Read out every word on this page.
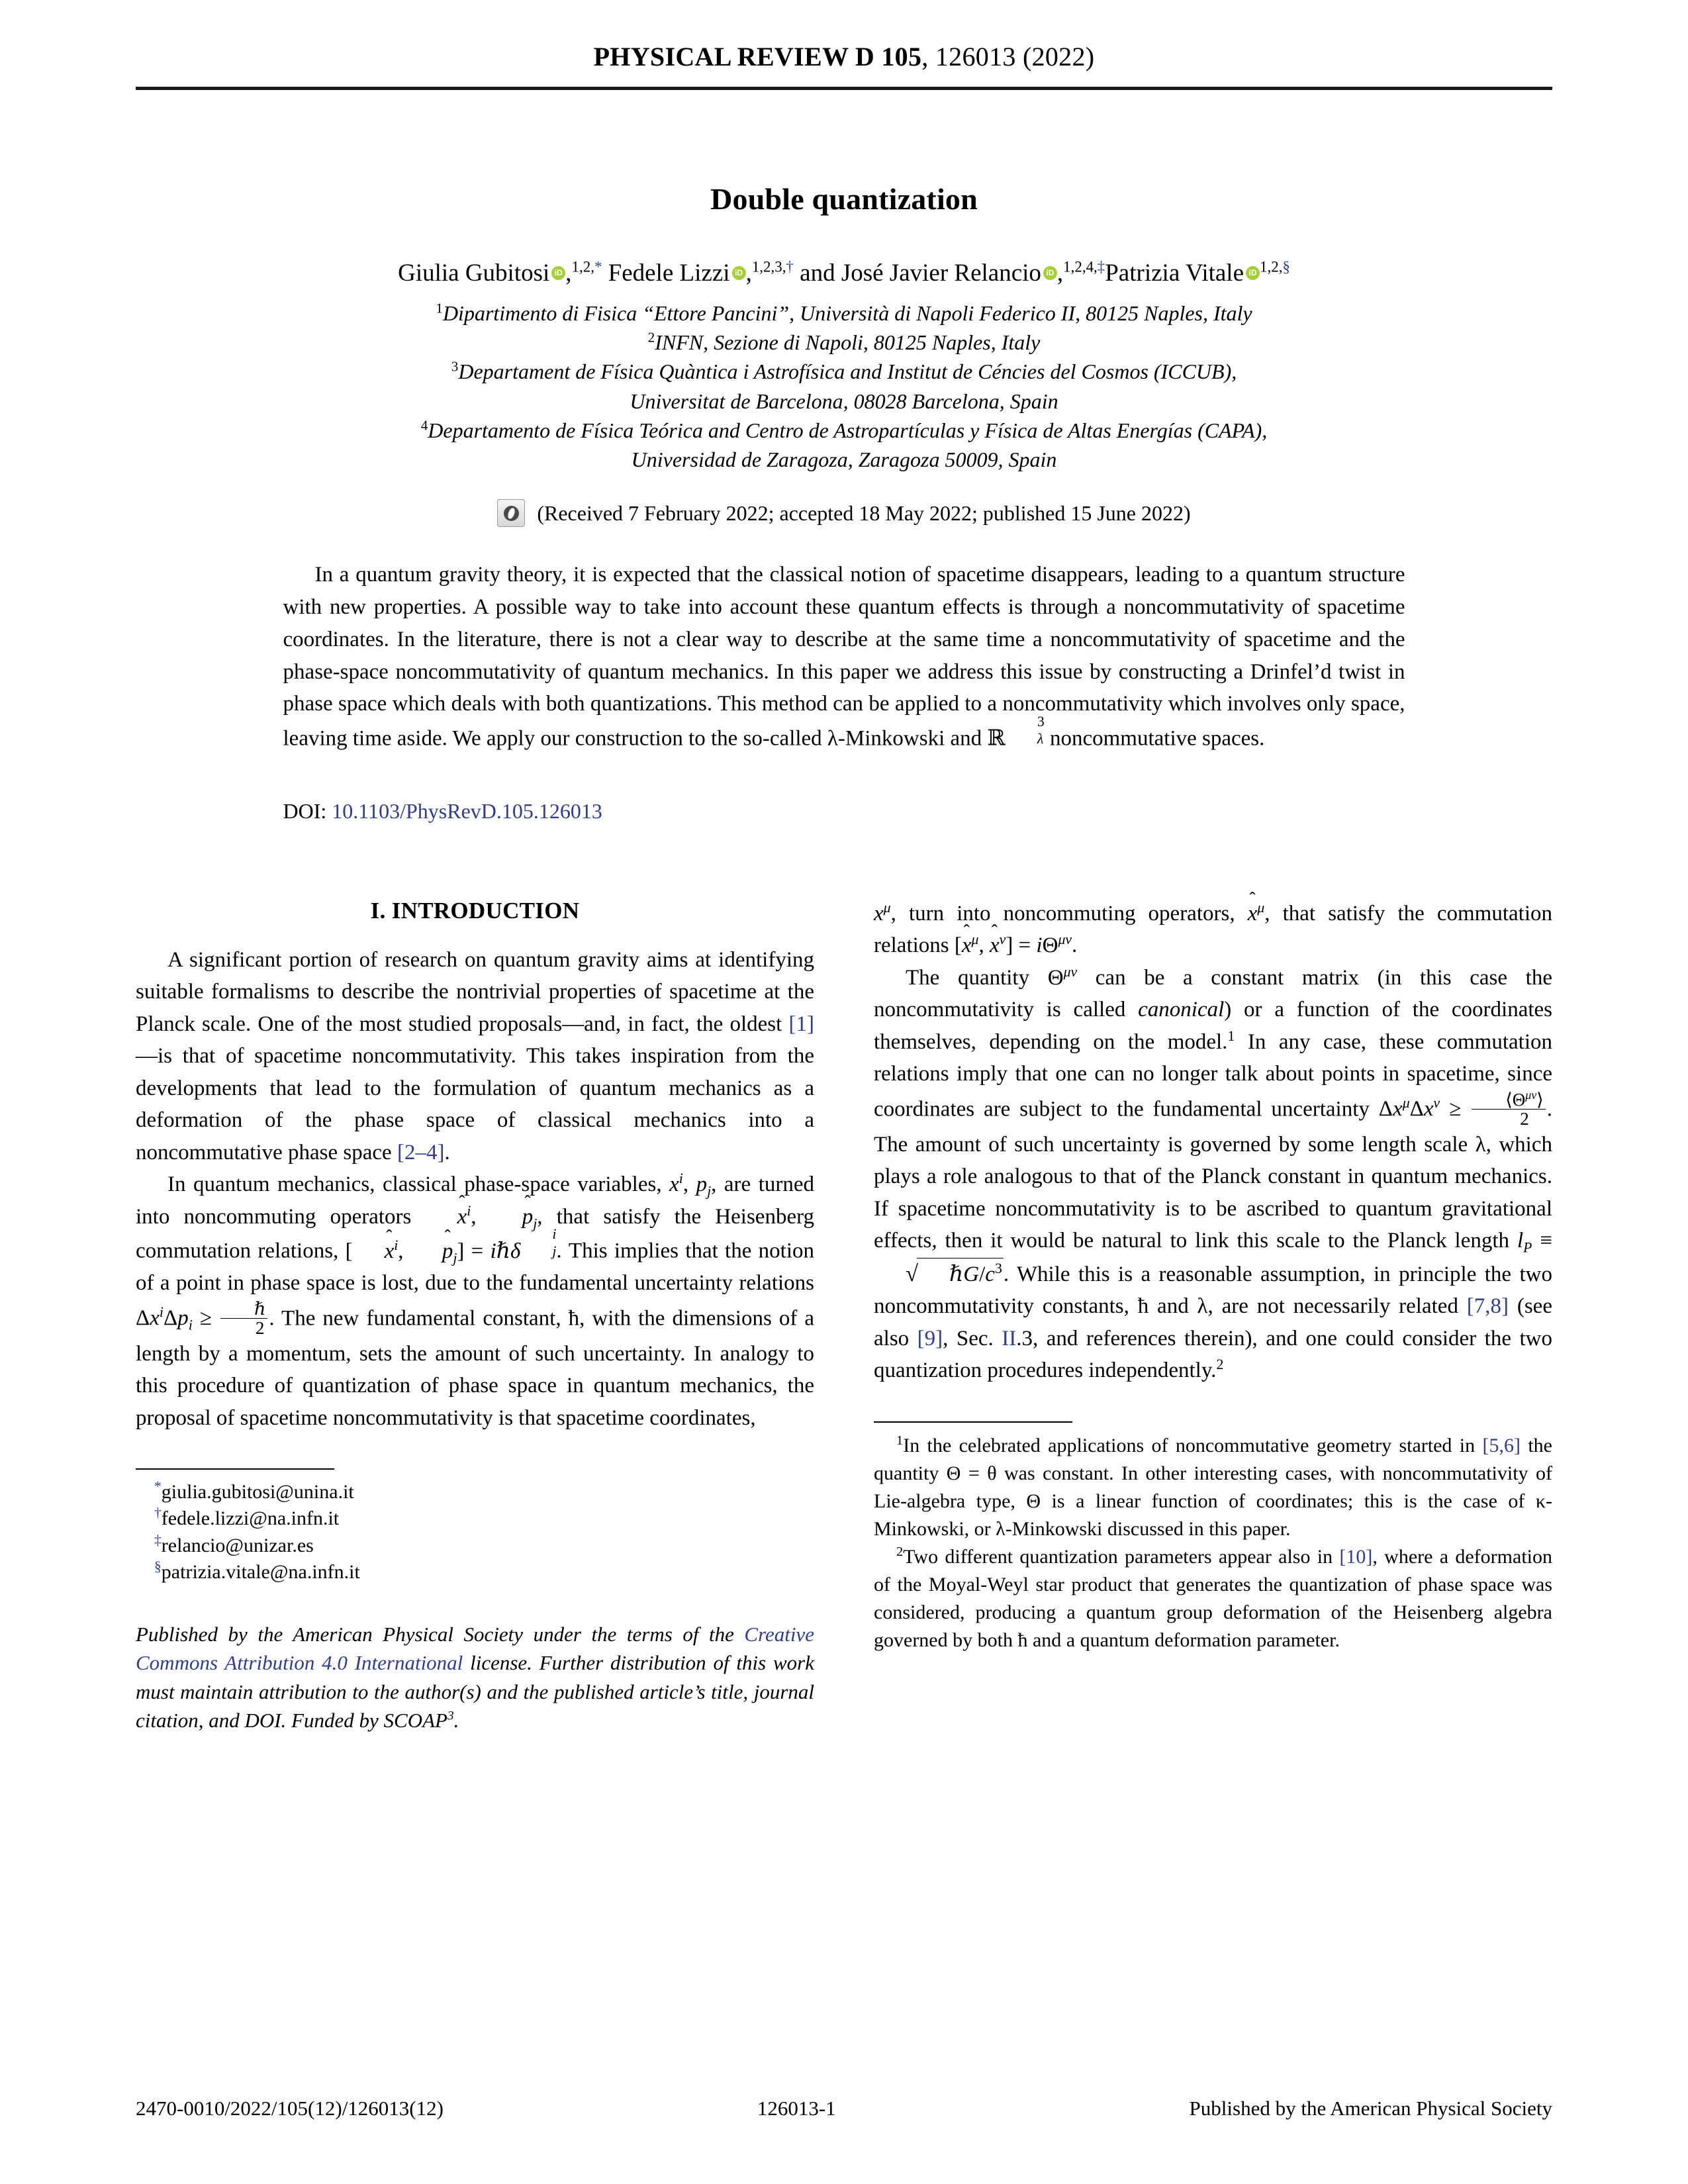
PHYSICAL REVIEW D 105, 126013 (2022)
Double quantization
Giulia Gubitosi iD ,$^{1,2,*}$ Fedele Lizzi iD ,$^{1,2,3,\dagger}$ and José Javier Relancio iD ,$^{1,2,4,\ddagger}$Patrizia Vitale iD $^{1,2,\S}$
$^1$Dipartimento di Fisica “Ettore Pancini”, Università di Napoli Federico II, 80125 Naples, Italy
$^2$INFN, Sezione di Napoli, 80125 Naples, Italy
$^3$Departament de Física Quàntica i Astrofísica and Institut de Céncies del Cosmos (ICCUB),
Universitat de Barcelona, 08028 Barcelona, Spain
$^4$Departamento de Física Teórica and Centro de Astropartículas y Física de Altas Energías (CAPA),
Universidad de Zaragoza, Zaragoza 50009, Spain
(Received 7 February 2022; accepted 18 May 2022; published 15 June 2022)
In a quantum gravity theory, it is expected that the classical notion of spacetime disappears, leading to a quantum structure with new properties. A possible way to take into account these quantum effects is through a noncommutativity of spacetime coordinates. In the literature, there is not a clear way to describe at the same time a noncommutativity of spacetime and the phase-space noncommutativity of quantum mechanics. In this paper we address this issue by constructing a Drinfel’d twist in phase space which deals with both quantizations. This method can be applied to a noncommutativity which involves only space, leaving time aside. We apply our construction to the so-called λ-Minkowski and ℝ
3
λ noncommutative spaces.
DOI: 10.1103/PhysRevD.105.126013
I. INTRODUCTION

A significant portion of research on quantum gravity aims at identifying suitable formalisms to describe the nontrivial properties of spacetime at the Planck scale. One of the most studied proposals—and, in fact, the oldest [1]—is that of spacetime noncommutativity. This takes inspiration from the developments that lead to the formulation of quantum mechanics as a deformation of the phase space of classical mechanics into a noncommutative phase space [2–4].

In quantum mechanics, classical phase-space variables, $x^i$, $p_j$, are turned into noncommuting operators x
$^i$, p
$_j$, that satisfy the Heisenberg commutation relations, [ x
$^i$, p
$_j$] = iℏδ
i
j . This implies that the notion of a point in phase space is lost, due to the fundamental uncertainty relations $\Delta x^i\Delta p_i \ge \frac{\text{ℏ}}{2}$ . The new fundamental constant, ħ, with the dimensions of a length by a momentum, sets the amount of such uncertainty. In analogy to this procedure of quantization of phase space in quantum mechanics, the proposal of spacetime noncommutativity is that spacetime coordinates,

*giulia.gubitosi@unina.it
†fedele.lizzi@na.infn.it
‡relancio@unizar.es
§patrizia.vitale@na.infn.it
Published by the American Physical Society under the terms of the Creative Commons Attribution 4.0 International license. Further distribution of this work must maintain attribution to the author(s) and the published article’s title, journal citation, and DOI. Funded by SCOAP$^3$.

$x^\mu$, turn into noncommuting operators, x
$^\mu$, that satisfy the commutation relations [x
$^\mu$, x
$^\nu] = i\Theta^{\mu\nu}$.

The quantity $\Theta^{\mu\nu}$ can be a constant matrix (in this case the noncommutativity is called canonical) or a function of the coordinates themselves, depending on the model.$^1$ In any case, these commutation relations imply that one can no longer talk about points in spacetime, since coordinates are subject to the fundamental uncertainty $\Delta x^\mu\Delta x^\nu \ge \frac{⟨\Theta^{\mu\nu}⟩}{2}$ . The amount of such uncertainty is governed by some length scale λ, which plays a role analogous to that of the Planck constant in quantum mechanics. If spacetime noncommutativity is to be ascribed to quantum gravitational effects, then it would be natural to link this scale to the Planck length $l_P$ ≡ √ $\hbar G/c^3$. While this is a reasonable assumption, in principle the two noncommutativity constants, ħ and λ, are not necessarily related [7,8] (see also [9], Sec. II.3, and references therein), and one could consider the two quantization procedures independently.$^2$

$^1$In the celebrated applications of noncommutative geometry started in [5,6] the quantity Θ = θ was constant. In other interesting cases, with noncommutativity of Lie-algebra type, Θ is a linear function of coordinates; this is the case of κ-Minkowski, or λ-Minkowski discussed in this paper.

$^2$Two different quantization parameters appear also in [10], where a deformation of the Moyal-Weyl star product that generates the quantization of phase space was considered, producing a quantum group deformation of the Heisenberg algebra governed by both ħ and a quantum deformation parameter.

2470-0010/2022/105(12)/126013(12)	126013-1	Published by the American Physical Society
